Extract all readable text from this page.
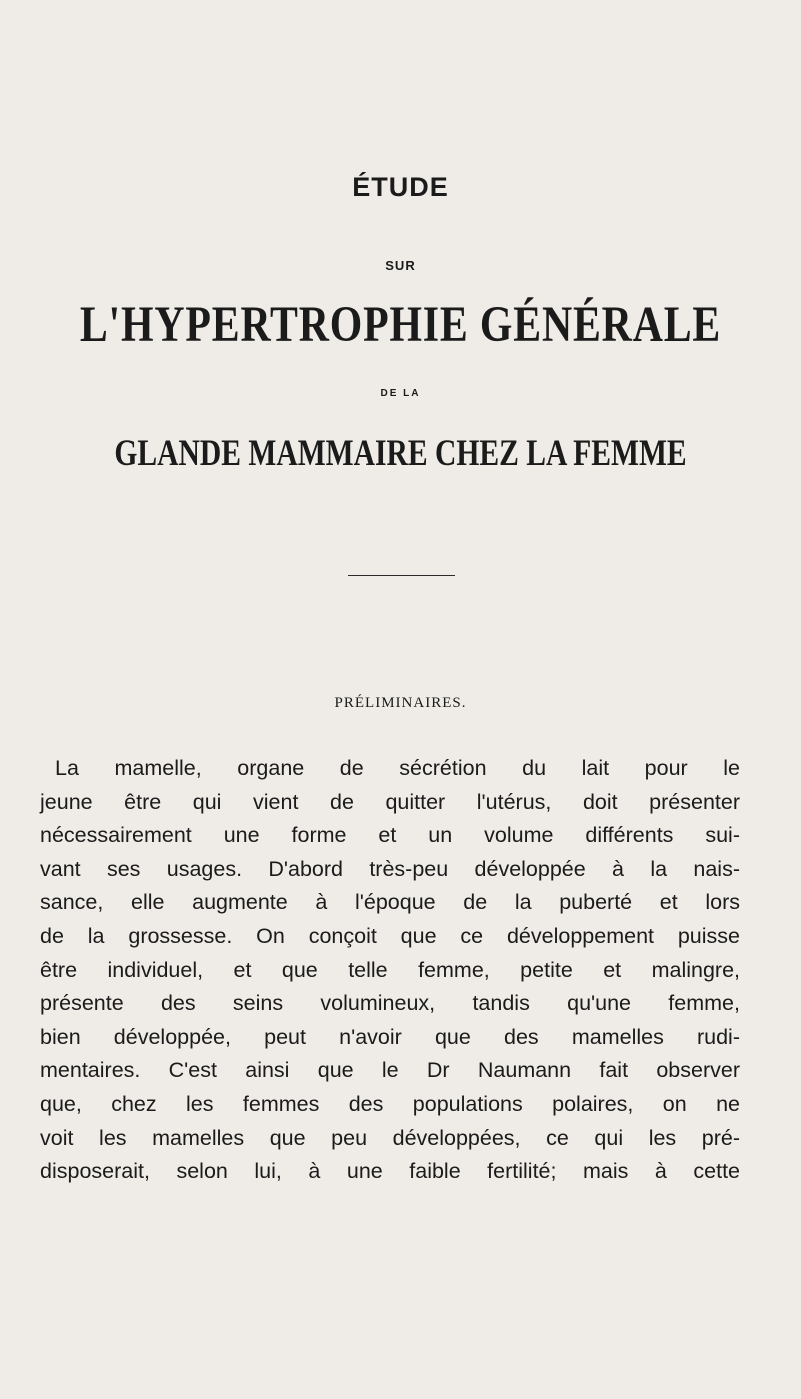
ÉTUDE
SUR
L'HYPERTROPHIE GÉNÉRALE
DE LA
GLANDE MAMMAIRE CHEZ LA FEMME
PRÉLIMINAIRES.
La mamelle, organe de sécrétion du lait pour le
jeune être qui vient de quitter l'utérus, doit présenter
nécessairement une forme et un volume différents sui-
vant ses usages. D'abord très-peu développée à la nais-
sance, elle augmente à l'époque de la puberté et lors
de la grossesse. On conçoit que ce développement puisse
être individuel, et que telle femme, petite et malingre,
présente des seins volumineux, tandis qu'une femme,
bien développée, peut n'avoir que des mamelles rudi-
mentaires. C'est ainsi que le Dr Naumann fait observer
que, chez les femmes des populations polaires, on ne
voit les mamelles que peu développées, ce qui les pré-
disposerait, selon lui, à une faible fertilité; mais à cette
